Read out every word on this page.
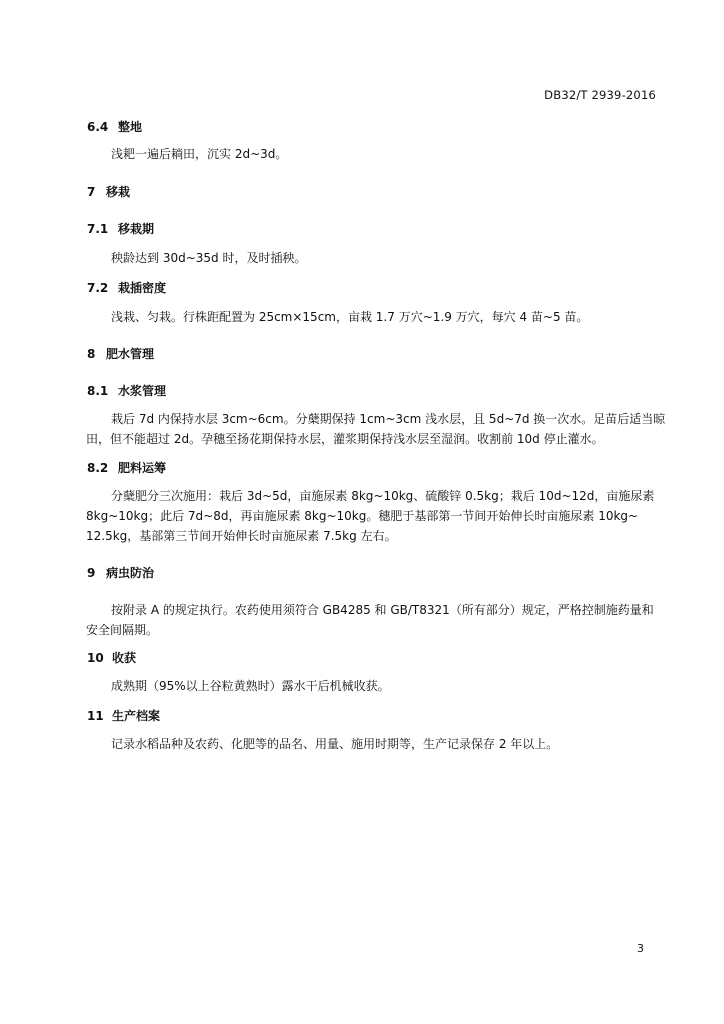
DB32/T 2939-2016
6.4 整地
浅耙一遍后耥田，沉实 2d~3d。
7 移栽
7.1 移栽期
秧龄达到 30d~35d 时，及时插秧。
7.2 栽插密度
浅栽、匀栽。行株距配置为 25cm×15cm，亩栽 1.7 万穴~1.9 万穴，每穴 4 苗~5 苗。
8 肥水管理
8.1 水浆管理
栽后 7d 内保持水层 3cm~6cm。分蘖期保持 1cm~3cm 浅水层，且 5d~7d 换一次水。足苗后适当晾
田，但不能超过 2d。孕穗至扬花期保持水层，灌浆期保持浅水层至湿润。收割前 10d 停止灌水。
8.2 肥料运筹
分蘖肥分三次施用：栽后 3d~5d，亩施尿素 8kg~10kg、硫酸锌 0.5kg；栽后 10d~12d，亩施尿素
8kg~10kg；此后 7d~8d，再亩施尿素 8kg~10kg。穗肥于基部第一节间开始伸长时亩施尿素 10kg~
12.5kg，基部第三节间开始伸长时亩施尿素 7.5kg 左右。
9 病虫防治
按附录 A 的规定执行。农药使用须符合 GB4285 和 GB/T8321（所有部分）规定，严格控制施药量和
安全间隔期。
10 收获
成熟期（95%以上谷粒黄熟时）露水干后机械收获。
11 生产档案
记录水稻品种及农药、化肥等的品名、用量、施用时期等，生产记录保存 2 年以上。
3
